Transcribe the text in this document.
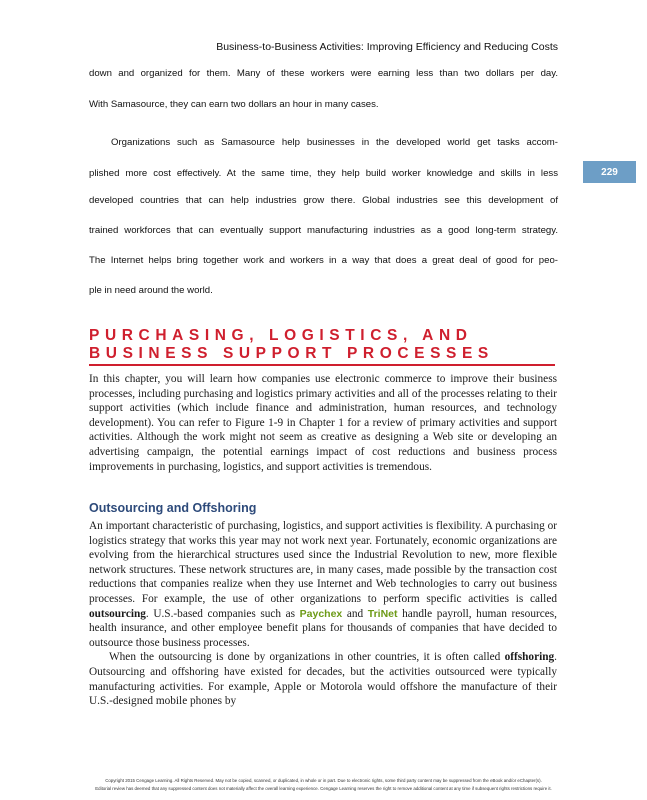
Business-to-Business Activities: Improving Efficiency and Reducing Costs
down and organized for them. Many of these workers were earning less than two dollars per day.
With Samasource, they can earn two dollars an hour in many cases.
Organizations such as Samasource help businesses in the developed world get tasks accom-
plished more cost effectively. At the same time, they help build worker knowledge and skills in less
developed countries that can help industries grow there. Global industries see this development of
trained workforces that can eventually support manufacturing industries as a good long-term strategy.
The Internet helps bring together work and workers in a way that does a great deal of good for peo-
ple in need around the world.
229
PURCHASING, LOGISTICS, AND BUSINESS SUPPORT PROCESSES

In this chapter, you will learn how companies use electronic commerce to improve their business processes, including purchasing and logistics primary activities and all of the processes relating to their support activities (which include finance and administration, human resources, and technology development). You can refer to Figure 1-9 in Chapter 1 for a review of primary activities and support activities. Although the work might not seem as creative as designing a Web site or developing an advertising campaign, the potential earnings impact of cost reductions and business process improvements in purchasing, logistics, and support activities is tremendous.

Outsourcing and Offshoring

An important characteristic of purchasing, logistics, and support activities is flexibility. A purchasing or logistics strategy that works this year may not work next year. Fortunately, economic organizations are evolving from the hierarchical structures used since the Industrial Revolution to new, more flexible network structures. These network structures are, in many cases, made possible by the transaction cost reductions that companies realize when they use Internet and Web technologies to carry out business processes. For example, the use of other organizations to perform specific activities is called outsourcing. U.S.-based companies such as Paychex and TriNet handle payroll, human resources, health insurance, and other employee benefit plans for thousands of companies that have decided to outsource those business processes.

When the outsourcing is done by organizations in other countries, it is often called offshoring. Outsourcing and offshoring have existed for decades, but the activities outsourced were typically manufacturing activities. For example, Apple or Motorola would offshore the manufacture of their U.S.-designed mobile phones by

Copyright 2015 Cengage Learning. All Rights Reserved. May not be copied, scanned, or duplicated, in whole or in part. Due to electronic rights, some third party content may be suppressed from the eBook and/or eChapter(s).
Editorial review has deemed that any suppressed content does not materially affect the overall learning experience. Cengage Learning reserves the right to remove additional content at any time if subsequent rights restrictions require it.
